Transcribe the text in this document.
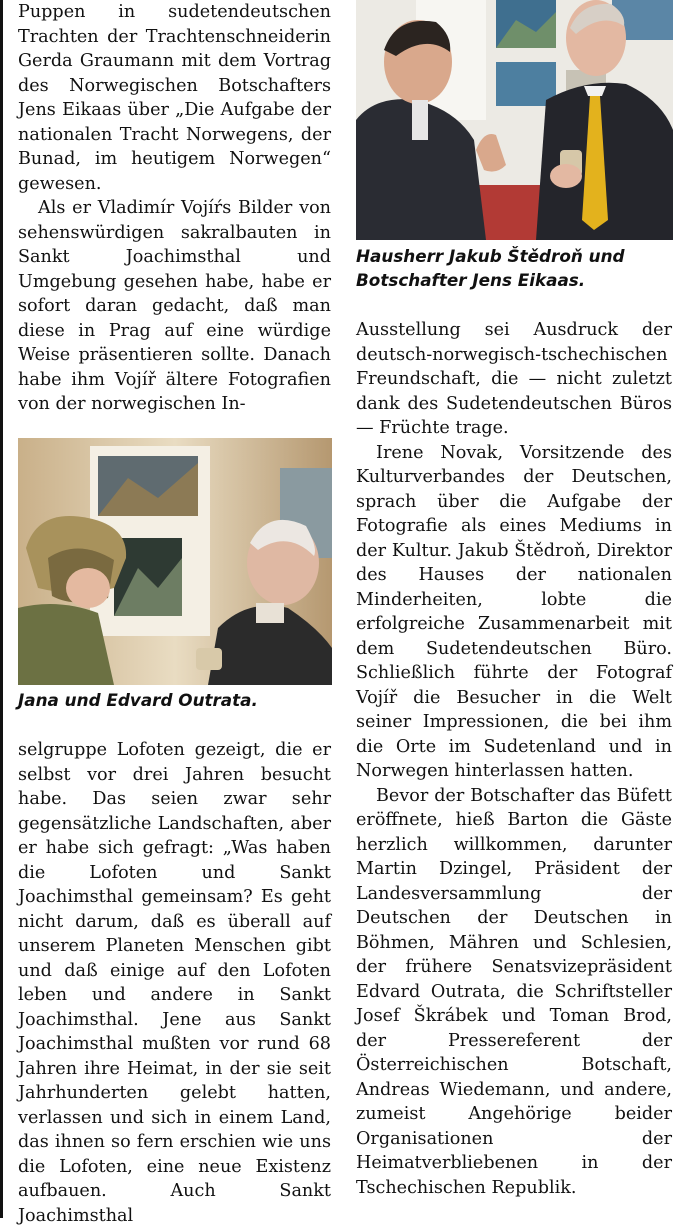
Puppen in sudetendeutschen Trachten der Trachtenschneiderin Gerda Graumann mit dem Vortrag des Norwegischen Botschafters Jens Eikaas über „Die Aufgabe der nationalen Tracht Norwegens, der Bunad, im heutigem Norwegen“ gewesen.

Als er Vladimír Vojíŕs Bilder von sehenswürdigen sakralbauten in Sankt Joachimsthal und Umgebung gesehen habe, habe er sofort daran gedacht, daß man diese in Prag auf eine würdige Weise präsentieren sollte. Danach habe ihm Vojíř ältere Fotografien von der norwegischen In-

Jana und Edvard Outrata.

selgruppe Lofoten gezeigt, die er selbst vor drei Jahren besucht habe. Das seien zwar sehr gegensätzliche Landschaften, aber er habe sich gefragt: „Was haben die Lofoten und Sankt Joachimsthal gemeinsam? Es geht nicht darum, daß es überall auf unserem Planeten Menschen gibt und daß einige auf den Lofoten leben und andere in Sankt Joachimsthal. Jene aus Sankt Joachimsthal mußten vor rund 68 Jahren ihre Heimat, in der sie seit Jahrhunderten gelebt hatten, verlassen und sich in einem Land, das ihnen so fern erschien wie uns die Lofoten, eine neue Existenz aufbauen. Auch Sankt Joachimsthal

Hausherr Jakub Štědroň und Botschafter Jens Eikaas.

Ausstellung sei Ausdruck der deutsch-norwegisch-tschechischen Freundschaft, die — nicht zuletzt dank des Sudetendeutschen Büros — Früchte trage.

Irene Novak, Vorsitzende des Kulturverbandes der Deutschen, sprach über die Aufgabe der Fotografie als eines Mediums in der Kultur. Jakub Štědroň, Direktor des Hauses der nationalen Minderheiten, lobte die erfolgreiche Zusammenarbeit mit dem Sudetendeutschen Büro. Schließlich führte der Fotograf Vojíř die Besucher in die Welt seiner Impressionen, die bei ihm die Orte im Sudetenland und in Norwegen hinterlassen hatten.

Bevor der Botschafter das Büfett eröffnete, hieß Barton die Gäste herzlich willkommen, darunter Martin Dzingel, Präsident der Landesversammlung der Deutschen der Deutschen in Böhmen, Mähren und Schlesien, der frühere Senatsvizepräsident Edvard Outrata, die Schriftsteller Josef Škrábek und Toman Brod, der Pressereferent der Österreichischen Botschaft, Andreas Wiedemann, und andere, zumeist Angehörige beider Organisationen der Heimatverbliebenen in der Tschechischen Republik.
